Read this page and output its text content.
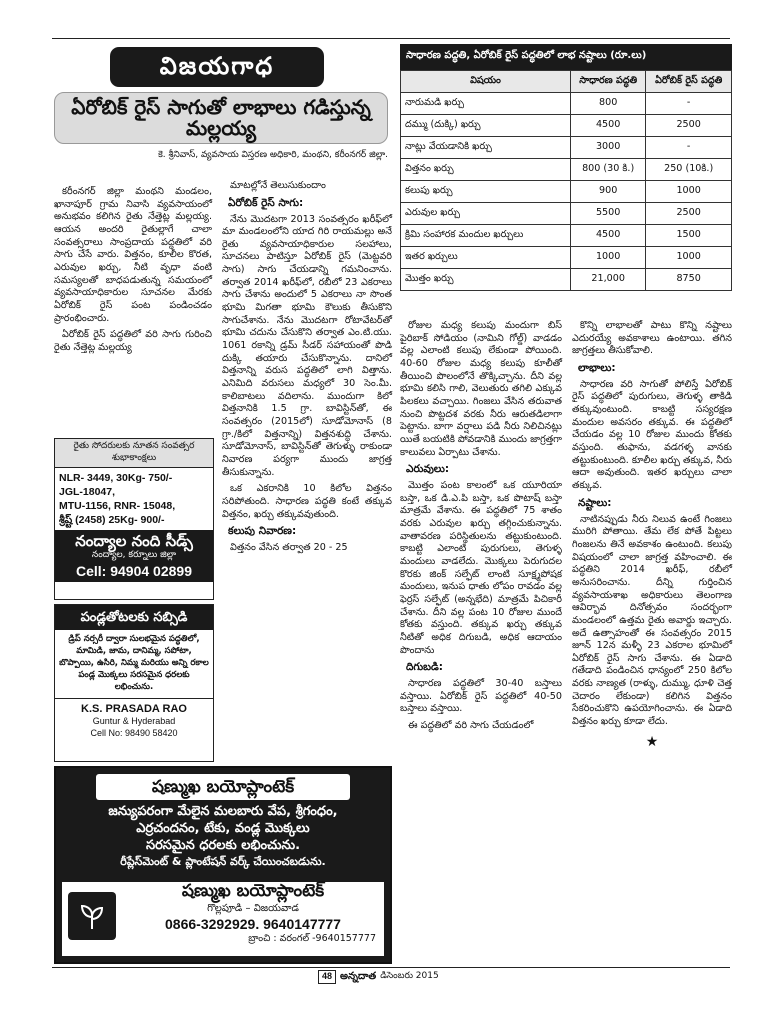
విజయగాధ
ఏరోబిక్ రైస్ సాగుతో లాభాలు గడిస్తున్న మల్లయ్య
కె. శ్రీనివాస్, వ్యవసాయ విస్తరణ అధికారి, మంథని, కరీంనగర్ జిల్లా.
సాధారణ పద్ధతి, ఏరోబిక్ రైస్ పద్ధతిలో లాభ నష్టాలు (రూ.లు)
విషయం	సాధారణ పద్ధతి	ఏరోబిక్ రైస్ పద్ధతి
నారుమడి ఖర్చు	800	-
దమ్ము (దుక్కి) ఖర్చు	4500	2500
నాట్లు వేయడానికి ఖర్చు	3000	-
విత్తనం ఖర్చు	800 (30 కి.)	250 (10కి.)
కలుపు ఖర్చు	900	1000
ఎరువుల ఖర్చు	5500	2500
క్రిమి సంహారక మందుల ఖర్చులు	4500	1500
ఇతర ఖర్చులు	1000	1000
మొత్తం ఖర్చు	21,000	8750

కరీంనగర్ జిల్లా మంథని మండలం, ఖానాపూర్ గ్రామ నివాసి వ్యవసాయంలో అనుభవం కలిగిన రైతు నేత్తెట్ల మల్లయ్య. ఆయన అందరి రైతుల్లాగే చాలా సంవత్సరాలు సాంప్రదాయ పద్ధతిలో వరి సాగు చేసే వారు. విత్తనం, కూలీల కొరత, ఎరువుల ఖర్చు, నీటి వృధా వంటి సమస్యలతో బాధపడుతున్న సమయంలో వ్యవసాయాధికారుల సూచనల మేరకు ఏరోబిక్ రైస్ పంట పండించడం ప్రారంభించారు.

ఏరోబిక్ రైస్ పద్ధతిలో వరి సాగు గురించి రైతు నేత్తెట్ల మల్లయ్య

రైతు సోదరులకు నూతన సంవత్సర శుభాకాంక్షలు
NLR- 3449, 30Kg- 750/-
JGL-18047,
MTU-1156, RNR- 15048,
శ్రీష్ట్ (2458) 25Kg- 900/-
నంద్యాల నంది సీడ్స్
నంద్యాల, కర్నూలు జిల్లా
Cell: 94904 02899
పండ్లతోటలకు సబ్సిడి
డ్రిప్ నర్సరీ ద్వారా సులభమైన పద్ధతిలో, మామిడి, జామ, దానిమ్మ, సపోటా, బొప్పాయి, ఉసిరి, నిమ్మ మరియు అన్ని రకాల పండ్ల మొక్కలు సరసమైన ధరలకు లభించును.
K.S. PRASADA RAO
Guntur & Hyderabad
Cell No: 98490 58420

మాటల్లోనే తెలుసుకుందాం

ఏరోబిక్ రైస్ సాగు:

నేను మొదటగా 2013 సంవత్సరం ఖరీఫ్‌లో మా మండలంలోని యాద గిరి రాయమల్లు అనే రైతు వ్యవసాయాధికారుల సలహాలు, సూచనలు పాటిస్తూ ఏరోబిక్ రైస్ (మెట్టవరి సాగు) సాగు చేయడాన్ని గమనించాను. తర్వాత 2014 ఖరీఫ్‌లో, రబీలో 23 ఎకరాలు సాగు చేశాను అందులో 5 ఎకరాలు నా సొంత భూమి మిగతా భూమి కౌలుకు తీసుకొని సాగుచేశాను. నేను మొదటగా రోటావేటర్‌తో భూమి చదును చేసుకొని తర్వాత ఎం.టి.యు. 1061 రకాన్ని డ్రమ్ సీడర్ సహాయంతో పొడి దుక్కి తయారు చేసుకొన్నాను. దానిలో విత్తనాన్ని వరుస పద్ధతిలో లాగి విత్తాను. ఎనిమిది వరుసలు మధ్యలో 30 సెం.మీ. కాలిబాటలు వదిలాను. ముందుగా కిలో విత్తనానికి 1.5 గ్రా. బావిస్టిన్‌తో, ఈ సంవత్సరం (2015లో) సూడోమోనాస్ (8 గ్రా./కిలో విత్తనాన్ని) విత్తనశుద్ధి చేశాను. సూడోమోనాస్, బావిస్టిన్‌తో తెగుళ్ళు రాకుండా నివారణ పర్యగా ముందు జాగ్రత్త తీసుకున్నాను.

ఒక ఎకరానికి 10 కిలోల విత్తనం సరిపోతుంది. సాధారణ పద్ధతి కంటే తక్కువ విత్తనం, ఖర్చు తక్కువవుతుంది.

కలుపు నివారణ:

విత్తనం వేసిన తర్వాత 20 - 25

రోజుల మధ్య కలుపు మందుగా బిస్ పైరిబాక్ సోడియం (నామిని గోల్డ్) వాడడం వల్ల ఎలాంటి కలుపు లేకుండా పోయింది. 40-60 రోజుల మధ్య కలుపు కూలీతో తీయించి పొలంలోనే తొక్కిచ్చాను. దీని వల్ల భూమి కలిసి గాలి, వెలుతురు తగిలి ఎక్కువ పిలకలు వచ్చాయి. గింజలు వేసిన తరువాత నుంచి పొట్టదశ వరకు నీరు ఆరుతడిలాగా పెట్టాను. బాగా వర్షాలు పడి నీరు నిలిచినట్లు యితే బయటికి పోవడానికి ముందు జాగ్రత్తగా కాలువలు ఏర్పాటు చేశాను.

ఎరువులు:

మొత్తం పంట కాలంలో ఒక యూరియా బస్తా, ఒక డి.ఎ.పి బస్తా, ఒక పొటాష్ బస్తా మాత్రమే వేశాను. ఈ పద్ధతిలో 75 శాతం వరకు ఎరువుల ఖర్చు తగ్గించుకున్నాను. వాతావరణ పరిస్థితులను తట్టుకుంటుంది. కాబట్టి ఎలాంటి పురుగులు, తెగుళ్ళ మందులు వాడలేదు. మొక్కలు పెరుగుదల కొరకు జింక్ సల్ఫేట్ లాంటి సూక్ష్మపోషక మందులు, ఇనుప ధాతు లోపం రావడం వల్ల ఫెర్రస్ సల్ఫేట్ (అన్నభేది) మాత్రమే పిచికారీ చేశాను. దీని వల్ల పంట 10 రోజుల ముందే కోతకు వస్తుంది. తక్కువ ఖర్చు తక్కువ నీటితో అధిక దిగుబడి, అధిక ఆదాయం పొందాను

దిగుబడి:

సాధారణ పద్ధతిలో 30-40 బస్తాలు వస్తాయి. ఏరోబిక్ రైస్ పద్ధతిలో 40-50 బస్తాలు వస్తాయి.

ఈ పద్ధతిలో వరి సాగు చేయడంలో

కొన్ని లాభాలతో పాటు కొన్ని నష్టాలు ఎదురయ్యే అవకాశాలు ఉంటాయి. తగిన జాగ్రత్తలు తీసుకోవాలి.

లాభాలు:

సాధారణ వరి సాగుతో పోలిస్తే ఏరోబిక్ రైస్ పద్ధతిలో పురుగులు, తెగుళ్ళ తాకిడి తక్కువుంటుంది. కాబట్టి సస్యరక్షణ మందుల అవసరం తక్కువ. ఈ పద్ధతిలో చేయడం వల్ల 10 రోజుల ముందు కోతకు వస్తుంది. తుఫాను, వడగళ్ళ వానకు తట్టుకుంటుంది. కూలీల ఖర్చు తక్కువ, నీరు ఆదా అవుతుంది. ఇతర ఖర్చులు చాలా తక్కువ.

నష్టాలు:

నాటినప్పుడు నీరు నిలువ ఉంటే గింజలు మురిగి పోతాయి. తేమ లేక పోతే పిట్టలు గింజలను తినే అవకాశం ఉంటుంది. కలుపు విషయంలో చాలా జాగ్రత్త వహించాలి. ఈ పద్ధతిని 2014 ఖరీఫ్, రబీలో అనుసరించాను. దీన్ని గుర్తించిన వ్యవసాయశాఖ అధికారులు తెలంగాణ ఆవిర్భావ దినోత్సవం సందర్భంగా మండలంలో ఉత్తమ రైతు అవార్డు ఇచ్చారు. అదే ఉత్సాహంతో ఈ సంవత్సరం 2015 జూన్ 12న మళ్ళీ 23 ఎకరాల భూమిలో ఏరోబిక్ రైస్ సాగు చేశాను. ఈ ఏడాది గతేడాది పండించిన ధాన్యంలో 250 కిలోల వరకు నాణ్యత (రాళ్ళు, దుమ్ము, ధూళి చెత్త చెదారం లేకుండా) కలిగిన విత్తనం సేకరించుకొని ఉపయోగించాను. ఈ ఏడాది విత్తనం ఖర్చు కూడా లేదు.

★
షణ్ముఖ బయోప్లాంటెక్
జన్యుపరంగా మేలైన మలబారు వేప, శ్రీగంధం,
ఎర్రచందనం, టేకు, వండ్ల మొక్కలు
సరసమైన ధరలకు లభించును.
రీప్లేస్‌మెంట్ & ప్లాంటేషన్ వర్క్ చేయించబడును.
షణ్ముఖ బయోప్లాంటెక్
గొల్లపూడి – విజయవాడ
0866-3292929. 9640147777
బ్రాంచి : వరంగల్ -9640157777
48 అన్నదాత డిసెంబరు 2015
